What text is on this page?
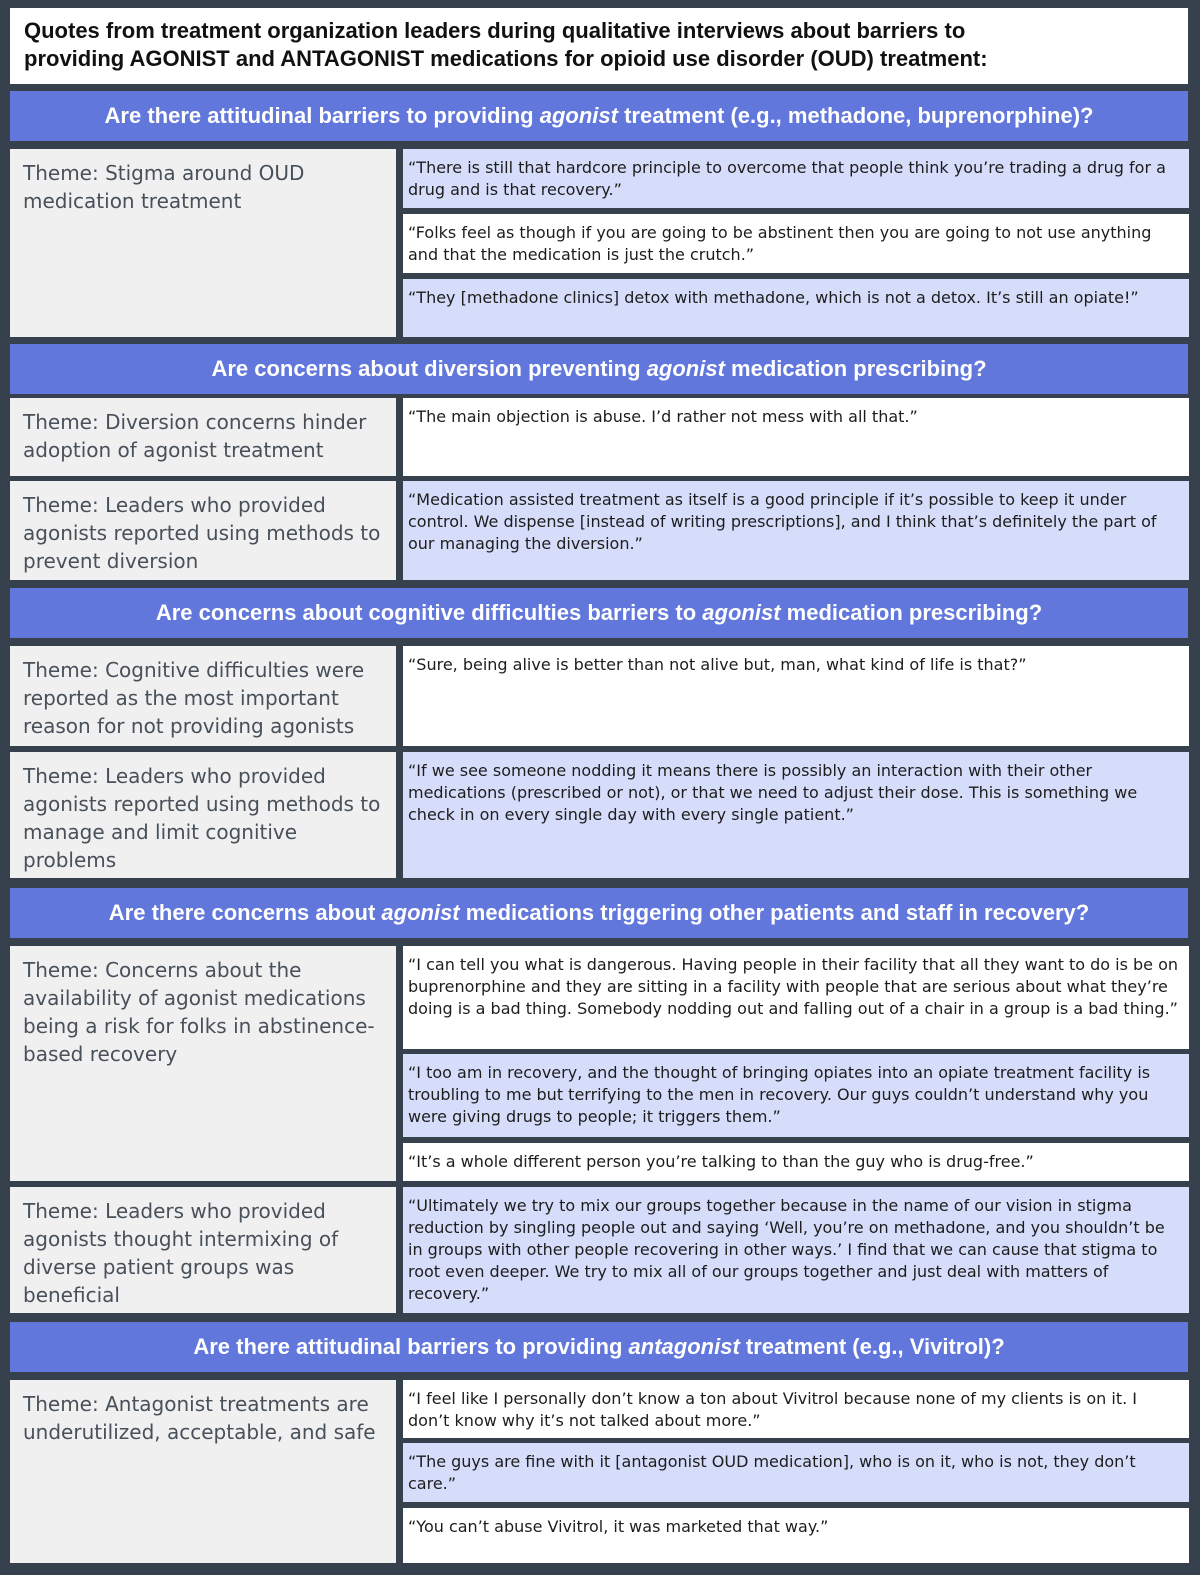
Quotes from treatment organization leaders during qualitative interviews about barriers to
providing AGONIST and ANTAGONIST medications for opioid use disorder (OUD) treatment:
Are there attitudinal barriers to providing
agonist
treatment (e.g., methadone, buprenorphine)?
Theme: Stigma around OUD medication treatment
“There is still that hardcore principle to overcome that people think you’re trading a drug for a drug and is that recovery.”
“Folks feel as though if you are going to be abstinent then you are going to not use anything and that the medication is just the crutch.”
“They [methadone clinics] detox with methadone, which is not a detox. It’s still an opiate!”
Are concerns about diversion preventing
agonist
medication prescribing?
Theme: Diversion concerns hinder adoption of agonist treatment
“The main objection is abuse. I’d rather not mess with all that.”
Theme: Leaders who provided agonists reported using methods to prevent diversion
“Medication assisted treatment as itself is a good principle if it’s possible to keep it under control. We dispense [instead of writing prescriptions], and I think that’s definitely the part of our managing the diversion.”
Are concerns about cognitive difficulties barriers to
agonist
medication prescribing?
Theme: Cognitive difficulties were reported as the most important reason for not providing agonists
“Sure, being alive is better than not alive but, man, what kind of life is that?”
Theme: Leaders who provided agonists reported using methods to manage and limit cognitive problems
“If we see someone nodding it means there is possibly an interaction with their other medications (prescribed or not), or that we need to adjust their dose. This is something we check in on every single day with every single patient.”
Are there concerns about
agonist
medications triggering other patients and staff in recovery?
Theme: Concerns about the availability of agonist medications being a risk for folks in abstinence-based recovery
“I can tell you what is dangerous. Having people in their facility that all they want to do is be on buprenorphine and they are sitting in a facility with people that are serious about what they’re doing is a bad thing. Somebody nodding out and falling out of a chair in a group is a bad thing.”
“I too am in recovery, and the thought of bringing opiates into an opiate treatment facility is troubling to me but terrifying to the men in recovery. Our guys couldn’t understand why you were giving drugs to people; it triggers them.”
“It’s a whole different person you’re talking to than the guy who is drug-free.”
Theme: Leaders who provided agonists thought intermixing of diverse patient groups was beneficial
“Ultimately we try to mix our groups together because in the name of our vision in stigma reduction by singling people out and saying ‘Well, you’re on methadone, and you shouldn’t be in groups with other people recovering in other ways.’ I find that we can cause that stigma to root even deeper. We try to mix all of our groups together and just deal with matters of recovery.”
Are there attitudinal barriers to providing
antagonist
treatment (e.g., Vivitrol)?
Theme: Antagonist treatments are underutilized, acceptable, and safe
“I feel like I personally don’t know a ton about Vivitrol because none of my clients is on it. I don’t know why it’s not talked about more.”
“The guys are fine with it [antagonist OUD medication], who is on it, who is not, they don’t care.”
“You can’t abuse Vivitrol, it was marketed that way.”
